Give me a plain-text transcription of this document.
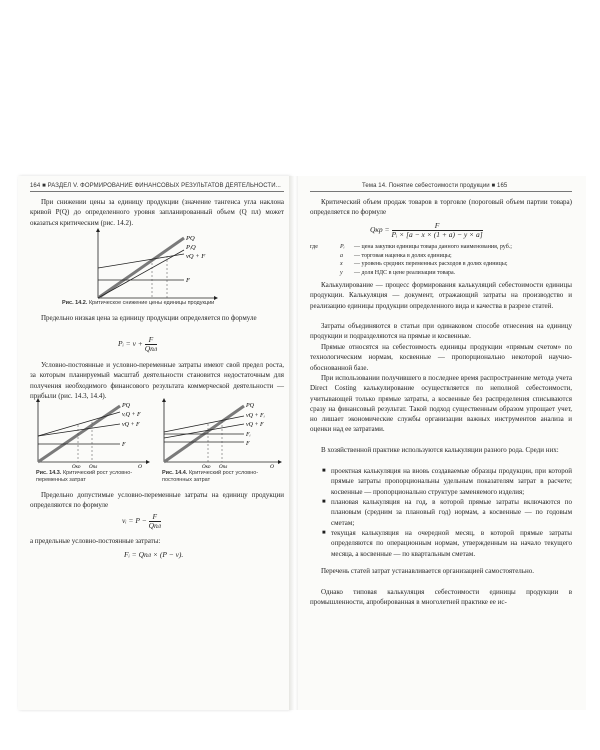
164 ■ РАЗДЕЛ V. ФОРМИРОВАНИЕ ФИНАНСОВЫХ РЕЗУЛЬТАТОВ ДЕЯТЕЛЬНОСТИ...
При снижении цены за единицу продукции (значение тангенса угла наклона кривой P(Q) до определенного уровня запланированный объем (Q пл) может оказаться критическим (рис. 14.2).
PQ
PᵢQ
vQ + F
F
Рис. 14.2. Критическое снижение цены единицы продукции
Предельно низкая цена за единицу продукции определяется по формуле
Pᵢ = $v + \frac{F}{\text{Qпл}}$
Условно-постоянные и условно-переменные затраты имеют свой предел роста, за которым планируемый масштаб деятельности становится недостаточным для получения необходимого финансового результата коммерческой деятельности — прибыли (рис. 14.3, 14.4).
PQ
vᵢQ + F
vQ + F
F
Qкр Qпл	Q
PQ
vQ + Fᵢ
vQ + F
Fᵢ
F
Qкр Qпл	Q
Рис. 14.3. Критический рост условно-переменных затрат
Рис. 14.4. Критический рост условно-постоянных затрат
Предельно допустимые условно-переменные затраты на единицу продукции определяются по формуле
vᵢ = $P - \frac{F}{\text{Qпл}}$
а предельные условно-постоянные затраты:
Fᵢ = Qпл × (P − v).
Тема 14. Понятие себестоимости продукции ■ 165
Критический объем продаж товаров в торговле (пороговый объем партии товара) определяется по формуле
Qкр = $\frac{F}{\text{Pᵢ × [a − x × (1 + a) − y × a]}}$
где	Pᵢ	— цена закупки единицы товара данного наименования, руб.;
	a	— торговая наценка в долях единицы;
	x	— уровень средних переменных расходов в долях единицы;
	y	— доля НДС в цене реализации товара.
Калькулирование — процесс формирования калькуляций себестоимости единицы продукции. Калькуляция — документ, отражающий затраты на производство и реализацию единицы продукции определенного вида и качества в разрезе статей.
Затраты объединяются в статьи при одинаковом способе отнесения на единицу продукции и подразделяются на прямые и косвенные.
Прямые относятся на себестоимость единицы продукции «прямым счетом» по технологическим нормам, косвенные — пропорционально некоторой научно-обоснованной базе.
При использовании получившего в последнее время распространение метода учета Direct Costing калькулирование осуществляется по неполной себестоимости, учитывающей только прямые затраты, а косвенные без распределения списываются сразу на финансовый результат. Такой подход существенным образом упрощает учет, но лишает экономические службы организации важных инструментов анализа и оценки над ее затратами.
В хозяйственной практике используются калькуляции разного рода. Среди них:
■ проектная калькуляция на вновь создаваемые образцы продукции, при которой прямые затраты пропорциональны удельным показателям затрат в расчете; косвенные — пропорционально структуре заменяемого изделия;
■ плановая калькуляция на год, в которой прямые затраты включаются по плановым (средним за плановый год) нормам, а косвенные — по годовым сметам;
■ текущая калькуляция на очередной месяц, в которой прямые затраты определяются по операционным нормам, утвержденным на начало текущего месяца, а косвенные — по квартальным сметам.
Перечень статей затрат устанавливается организацией самостоятельно.
Однако типовая калькуляция себестоимости единицы продукции в промышленности, апробированная в многолетней практике ее ис-
